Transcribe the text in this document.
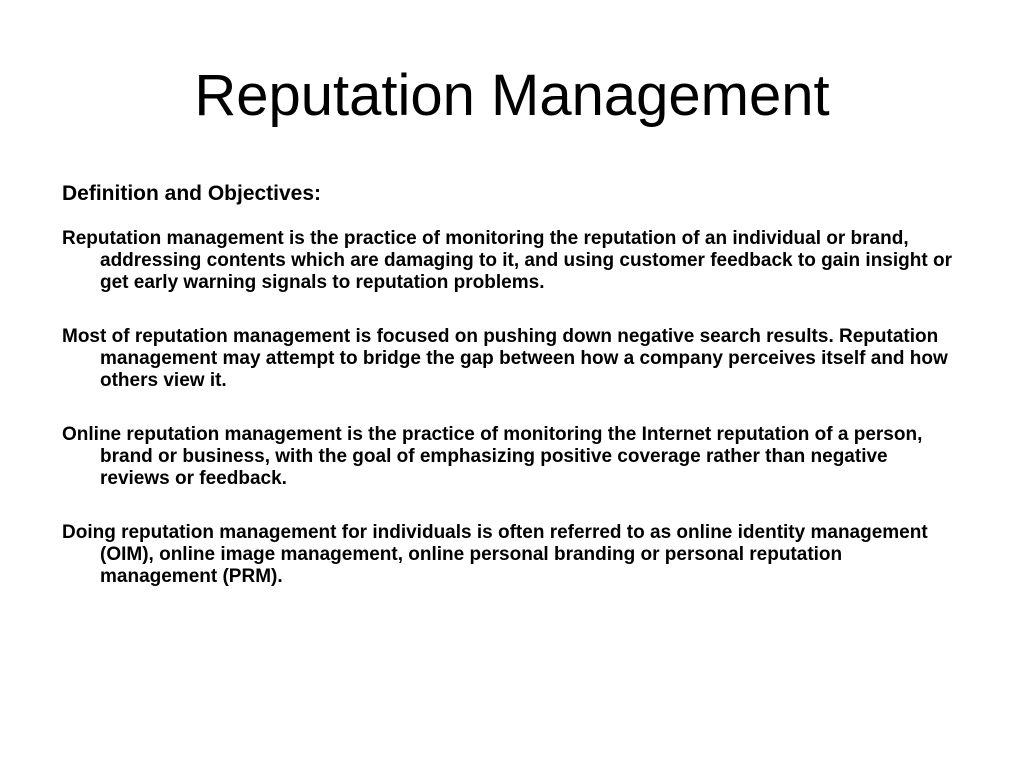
Reputation Management

Definition and Objectives:

Reputation management is the practice of monitoring the reputation of an individual or brand, addressing contents which are damaging to it, and using customer feedback to gain insight or get early warning signals to reputation problems.

Most of reputation management is focused on pushing down negative search results. Reputation management may attempt to bridge the gap between how a company perceives itself and how others view it.

Online reputation management is the practice of monitoring the Internet reputation of a person, brand or business, with the goal of emphasizing positive coverage rather than negative reviews or feedback.

Doing reputation management for individuals is often referred to as online identity management (OIM), online image management, online personal branding or personal reputation management (PRM).
